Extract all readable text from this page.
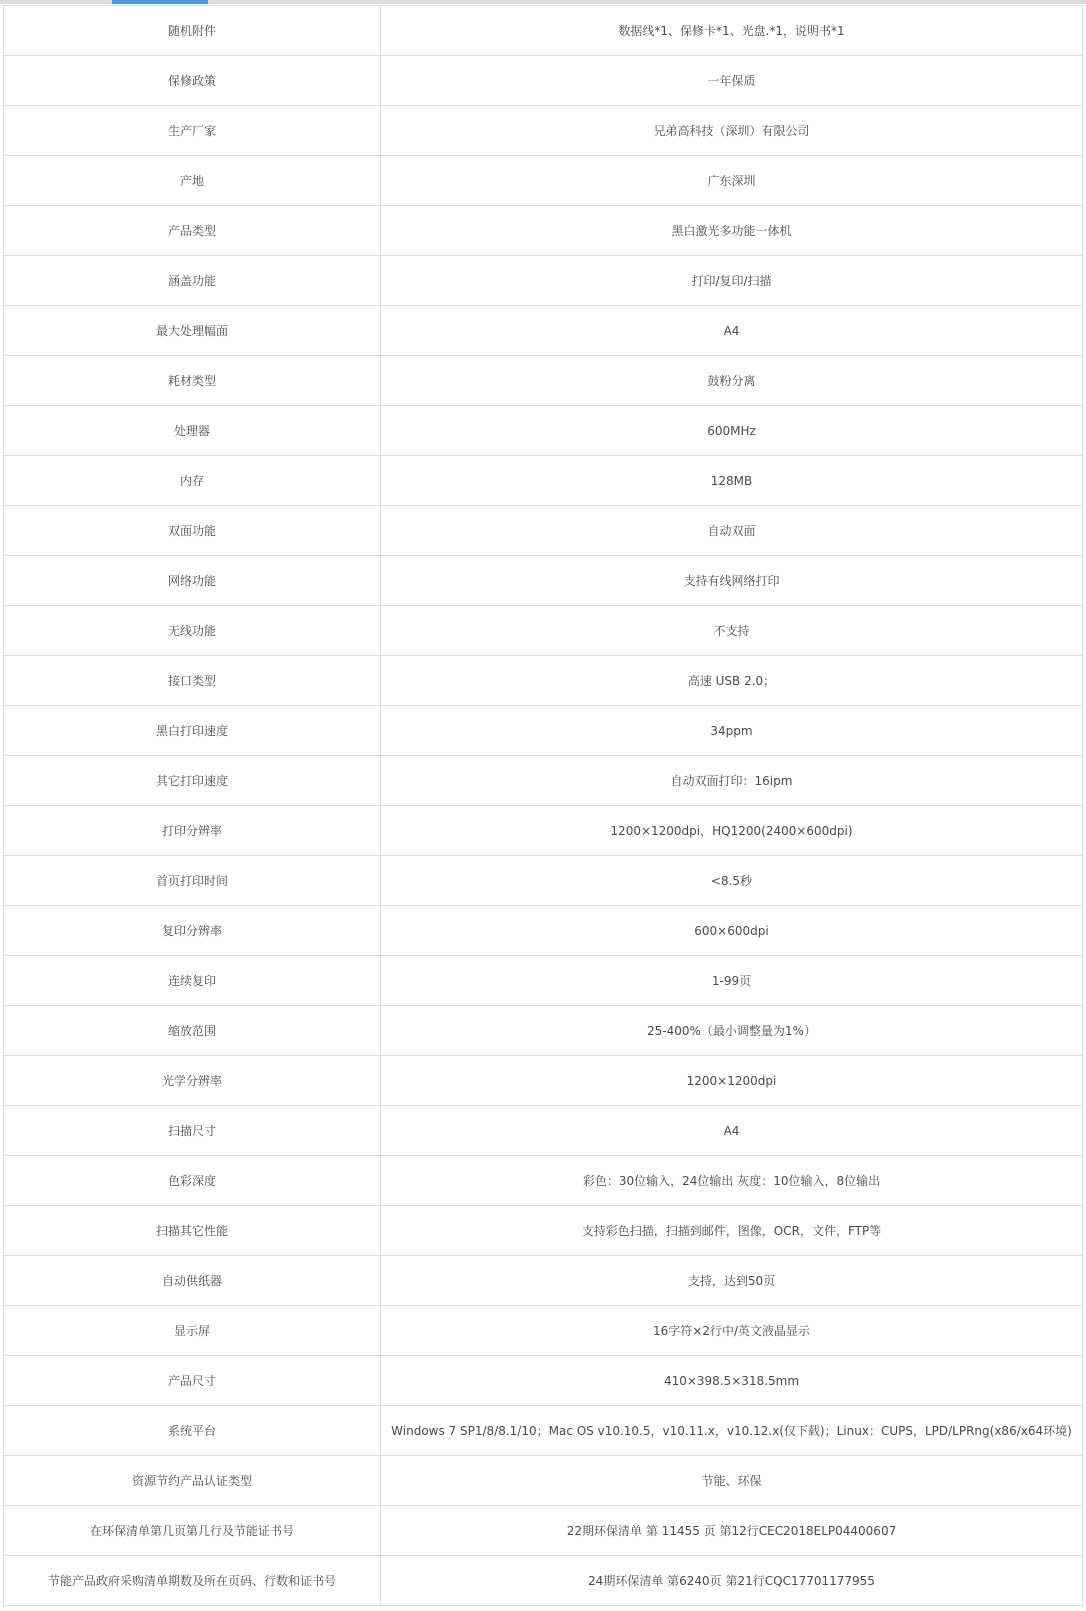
随机附件	数据线*1、保修卡*1、光盘.*1，说明书*1
保修政策	一年保质
生产厂家	兄弟高科技（深圳）有限公司
产地	广东深圳
产品类型	黑白激光多功能一体机
涵盖功能	打印/复印/扫描
最大处理幅面	A4
耗材类型	鼓粉分离
处理器	600MHz
内存	128MB
双面功能	自动双面
网络功能	支持有线网络打印
无线功能	不支持
接口类型	高速 USB 2.0；
黑白打印速度	34ppm
其它打印速度	自动双面打印：16ipm
打印分辨率	1200×1200dpi，HQ1200(2400×600dpi)
首页打印时间	<8.5秒
复印分辨率	600×600dpi
连续复印	1-99页
缩放范围	25-400%（最小调整量为1%）
光学分辨率	1200×1200dpi
扫描尺寸	A4
色彩深度	彩色：30位输入，24位输出 灰度：10位输入，8位输出
扫描其它性能	支持彩色扫描，扫描到邮件，图像，OCR，文件，FTP等
自动供纸器	支持，达到50页
显示屏	16字符×2行中/英文液晶显示
产品尺寸	410×398.5×318.5mm
系统平台	Windows 7 SP1/8/8.1/10；Mac OS v10.10.5，v10.11.x，v10.12.x(仅下载)；Linux：CUPS，LPD/LPRng(x86/x64环境)
资源节约产品认证类型	节能、环保
在环保清单第几页第几行及节能证书号	22期环保清单 第 11455 页 第12行CEC2018ELP04400607
节能产品政府采购清单期数及所在页码、行数和证书号	24期环保清单 第6240页 第21行CQC17701177955
